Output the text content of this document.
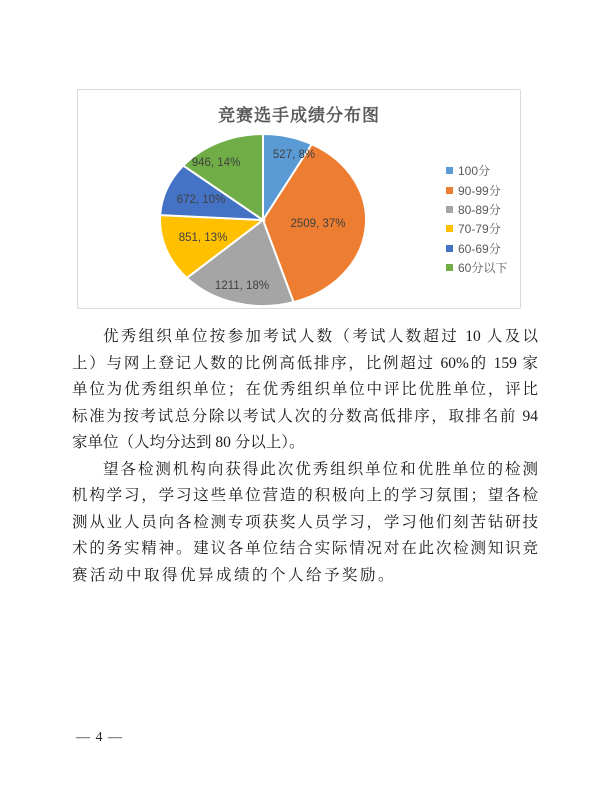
527, 8%
2509, 37%
1211, 18%
851, 13%
672, 10%
946, 14%
竞赛选手成绩分布图
100分
90-99分
80-89分
70-79分
60-69分
60分以下
优秀组织单位按参加考试人数（考试人数超过 10 人及以
上）与网上登记人数的比例高低排序，比例超过 60%的 159 家
单位为优秀组织单位；在优秀组织单位中评比优胜单位，评比
标准为按考试总分除以考试人次的分数高低排序，取排名前 94
家单位（人均分达到 80 分以上）。
望各检测机构向获得此次优秀组织单位和优胜单位的检测
机构学习，学习这些单位营造的积极向上的学习氛围；望各检
测从业人员向各检测专项获奖人员学习，学习他们刻苦钻研技
术的务实精神。建议各单位结合实际情况对在此次检测知识竞
赛活动中取得优异成绩的个人给予奖励。
— 4 —
